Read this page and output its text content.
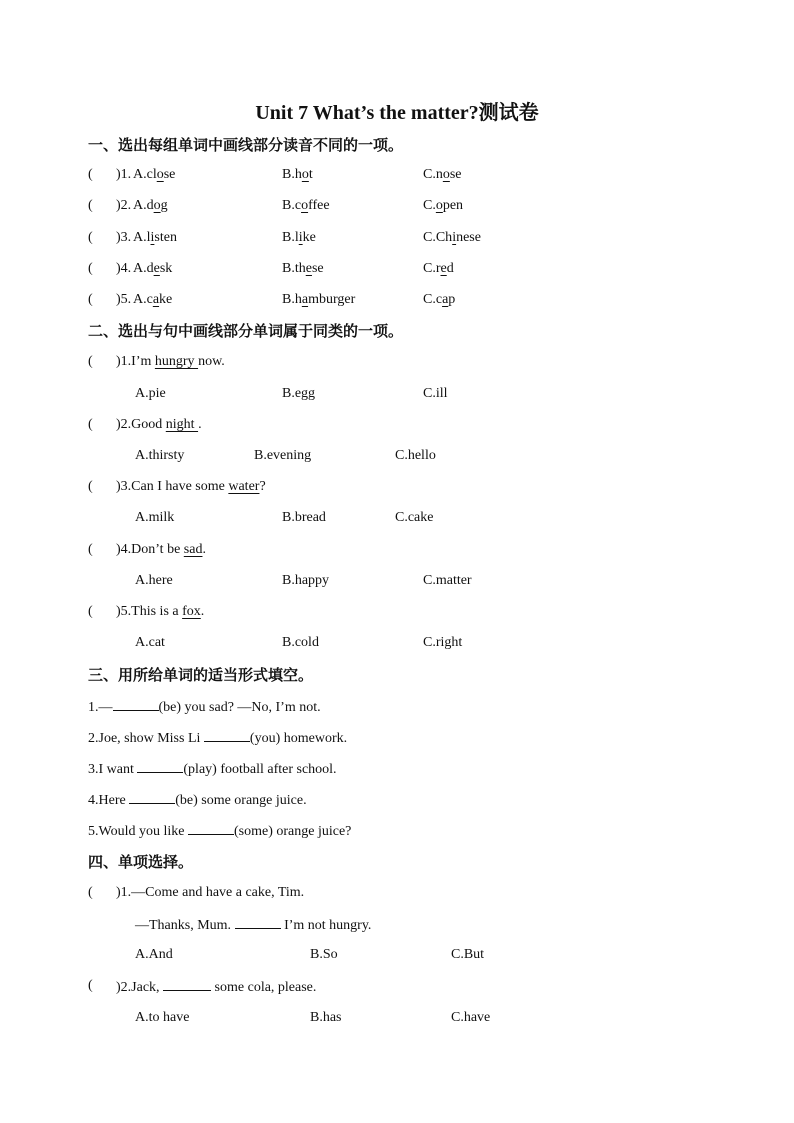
Unit 7 What’s the matter?测试卷
一、选出每组单词中画线部分读音不同的一项。
( )1. A.close	B.hot	C.nose
( )2. A.dog	B.coffee	C.open
( )3. A.listen	B.like	C.Chinese
( )4. A.desk	B.these	C.red
( )5. A.cake	B.hamburger	C.cap
二、选出与句中画线部分单词属于同类的一项。
( )1.I’m hungry now.
A.pie	B.egg	C.ill
( )2.Good night .
A.thirsty	B.evening	C.hello
( )3.Can I have some water?
A.milk	B.bread	C.cake
( )4.Don’t be sad.
A.here	B.happy	C.matter
( )5.This is a fox.
A.cat	B.cold	C.right
三、用所给单词的适当形式填空。
1.—	(be) you sad? —No, I’m not.
2.Joe, show Miss Li	(you) homework.
3.I want	(play) football after school.
4.Here	(be) some orange juice.
5.Would you like	(some) orange juice?
四、单项选择。
( )1.—Come and have a cake, Tim.
—Thanks, Mum.	I’m not hungry.
A.And	B.So	C.But
( )2.Jack,	some cola, please.
A.to have	B.has	C.have
